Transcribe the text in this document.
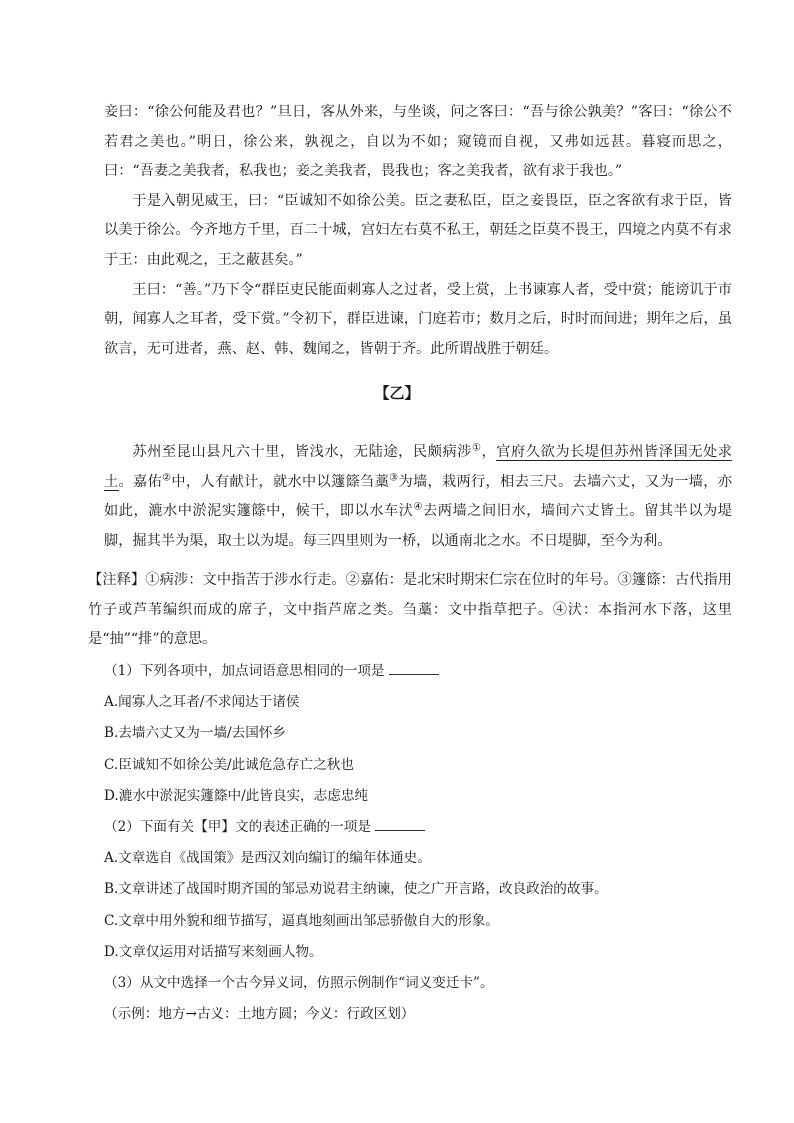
妾曰：“徐公何能及君也？”旦日，客从外来，与坐谈，问之客曰：“吾与徐公孰美？”客曰：“徐公不若君之美也。”明日，徐公来，孰视之，自以为不如；窥镜而自视，又弗如远甚。暮寝而思之，曰：“吾妻之美我者，私我也；妾之美我者，畏我也；客之美我者，欲有求于我也。”

于是入朝见威王，曰：“臣诚知不如徐公美。臣之妻私臣，臣之妾畏臣，臣之客欲有求于臣，皆以美于徐公。今齐地方千里，百二十城，宫妇左右莫不私王，朝廷之臣莫不畏王，四境之内莫不有求于王：由此观之，王之蔽甚矣。”

王曰：“善。”乃下令“群臣吏民能面刺寡人之过者，受上赏，上书谏寡人者，受中赏；能谤讥于市朝，闻寡人之耳者，受下赏。”令初下，群臣进谏，门庭若市；数月之后，时时而间进；期年之后，虽欲言，无可进者，燕、赵、韩、魏闻之，皆朝于齐。此所谓战胜于朝廷。

【乙】

苏州至昆山县凡六十里，皆浅水，无陆途，民颇病涉①，官府久欲为长堤但苏州皆泽国无处求土。嘉佑②中，人有献计，就水中以籧篨刍藁③为墙，栽两行，相去三尺。去墙六丈，又为一墙，亦如此，漉水中淤泥实籧篨中，候干，即以水车汱④去两墙之间旧水，墙间六丈皆土。留其半以为堤脚，掘其半为渠，取土以为堤。每三四里则为一桥，以通南北之水。不日堤脚，至今为利。

【注释】①病涉：文中指苦于涉水行走。②嘉佑：是北宋时期宋仁宗在位时的年号。③籧篨：古代指用竹子或芦苇编织而成的席子，文中指芦席之类。刍藁：文中指草把子。④汱：本指河水下落，这里是“抽”“排”的意思。

（1）下列各项中，加点词语意思相同的一项是

A.闻寡人之耳者/不求闻达于诸侯

B.去墙六丈又为一墙/去国怀乡

C.臣诚知不如徐公美/此诚危急存亡之秋也

D.漉水中淤泥实籧篨中/此皆良实，志虑忠纯

（2）下面有关【甲】文的表述正确的一项是

A.文章选自《战国策》是西汉刘向编订的编年体通史。

B.文章讲述了战国时期齐国的邹忌劝说君主纳谏，使之广开言路，改良政治的故事。

C.文章中用外貌和细节描写，逼真地刻画出邹忌骄傲自大的形象。

D.文章仅运用对话描写来刻画人物。

（3）从文中选择一个古今异义词，仿照示例制作“词义变迁卡”。

（示例：地方→古义：土地方圆；今义：行政区划）
